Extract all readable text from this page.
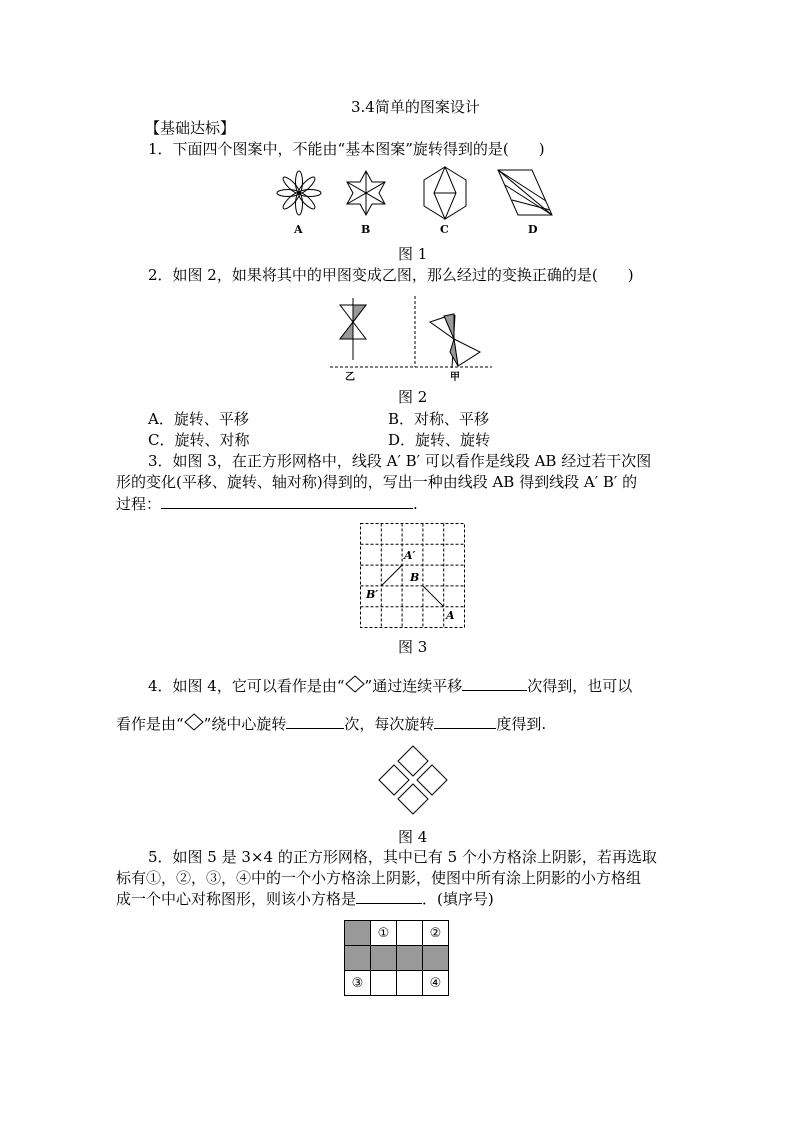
3.4简单的图案设计
【基础达标】
1．下面四个图案中，不能由“基本图案”旋转得到的是(　　)
A	B	C	D
图 1
2．如图 2，如果将其中的甲图变成乙图，那么经过的变换正确的是(　　)
乙	甲
图 2
A．旋转、平移	B．对称、平移
C．旋转、对称	D．旋转、旋转
3．如图 3，在正方形网格中，线段 A′ B′ 可以看作是线段 AB 经过若干次图
形的变化(平移、旋转、轴对称)得到的，写出一种由线段 AB 得到线段 A′ B′ 的
过程：	.
A′
B
B′
A
图 3
4．如图 4，它可以看作是由“ ”通过连续平移	次得到，也可以
看作是由“ ”绕中心旋转	次，每次旋转	度得到.
图 4
5．如图 5 是 3×4 的正方形网格，其中已有 5 个小方格涂上阴影，若再选取
标有①，②，③，④中的一个小方格涂上阴影，使图中所有涂上阴影的小方格组
成一个中心对称图形，则该小方格是	．(填序号)
	①		②

③			④
